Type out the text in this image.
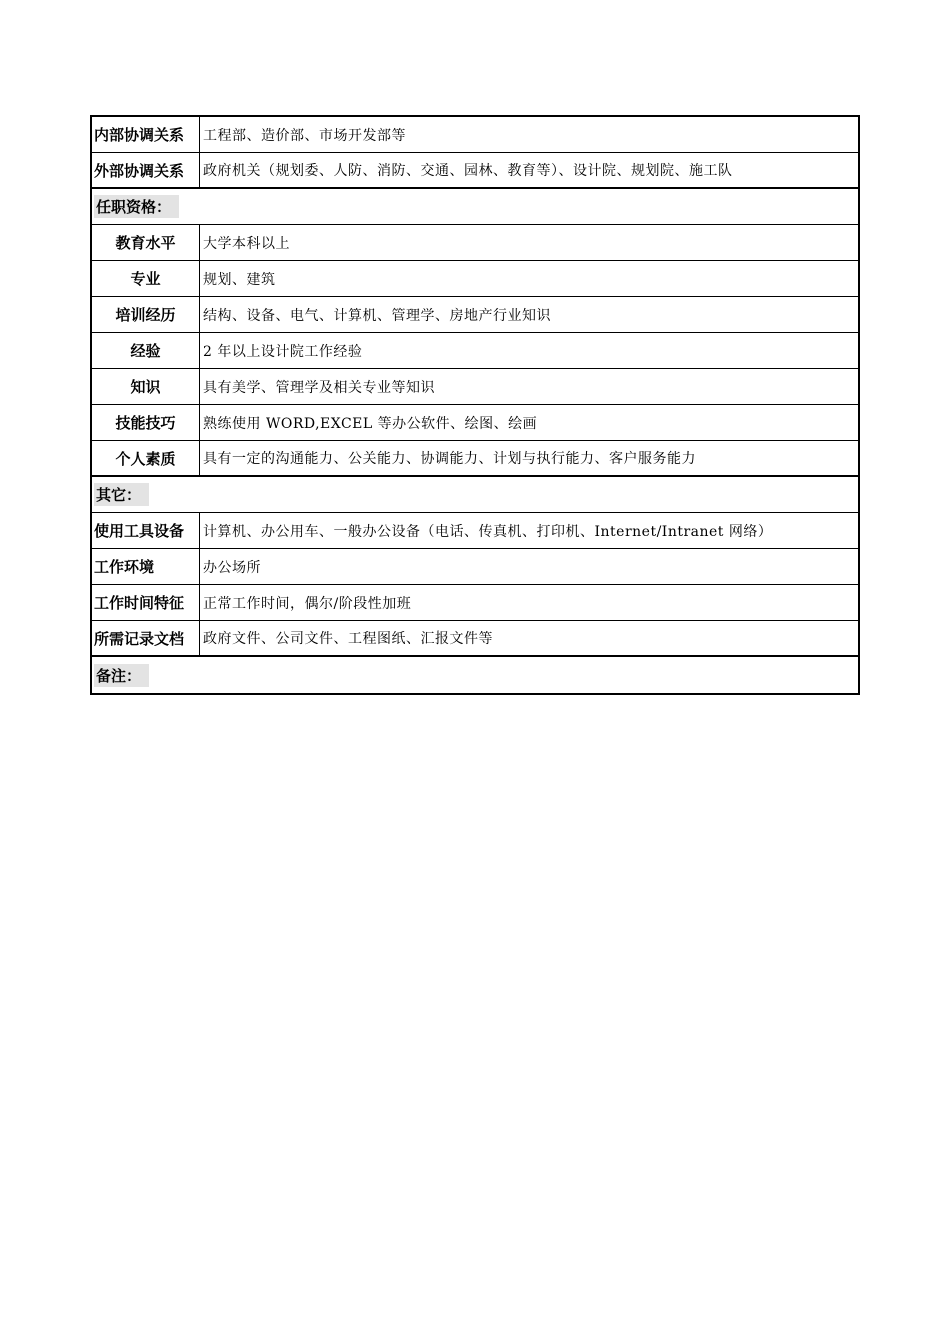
内部协调关系	工程部、造价部、市场开发部等
外部协调关系	政府机关（规划委、人防、消防、交通、园林、教育等）、设计院、规划院、施工队
任职资格：
教育水平	大学本科以上
专业	规划、建筑
培训经历	结构、设备、电气、计算机、管理学、房地产行业知识
经验	2 年以上设计院工作经验
知识	具有美学、管理学及相关专业等知识
技能技巧	熟练使用 WORD,EXCEL 等办公软件、绘图、绘画
个人素质	具有一定的沟通能力、公关能力、协调能力、计划与执行能力、客户服务能力
其它：
使用工具设备	计算机、办公用车、一般办公设备（电话、传真机、打印机、Internet/Intranet 网络）
工作环境	办公场所
工作时间特征	正常工作时间，偶尔/阶段性加班
所需记录文档	政府文件、公司文件、工程图纸、汇报文件等
备注：
